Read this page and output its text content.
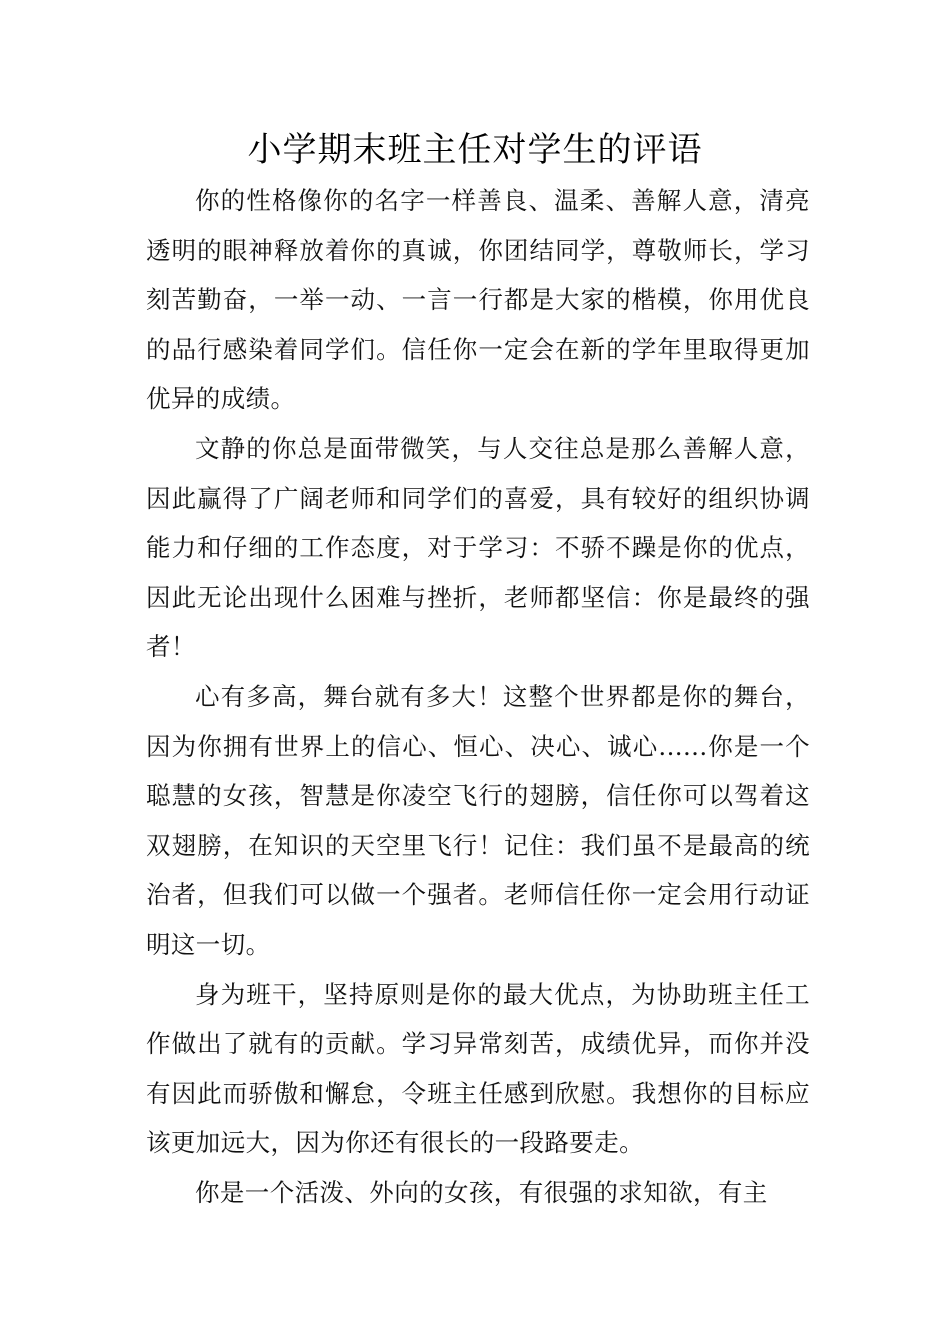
小学期末班主任对学生的评语

你的性格像你的名字一样善良、温柔、善解人意，清亮透明的眼神释放着你的真诚，你团结同学，尊敬师长，学习刻苦勤奋，一举一动、一言一行都是大家的楷模，你用优良的品行感染着同学们。信任你一定会在新的学年里取得更加优异的成绩。

文静的你总是面带微笑，与人交往总是那么善解人意，因此赢得了广阔老师和同学们的喜爱，具有较好的组织协调能力和仔细的工作态度，对于学习：不骄不躁是你的优点，因此无论出现什么困难与挫折，老师都坚信：你是最终的强者！

心有多高，舞台就有多大！这整个世界都是你的舞台，因为你拥有世界上的信心、恒心、决心、诚心......你是一个聪慧的女孩，智慧是你凌空飞行的翅膀，信任你可以驾着这双翅膀，在知识的天空里飞行！记住：我们虽不是最高的统治者，但我们可以做一个强者。老师信任你一定会用行动证明这一切。

身为班干，坚持原则是你的最大优点，为协助班主任工作做出了就有的贡献。学习异常刻苦，成绩优异，而你并没有因此而骄傲和懈怠，令班主任感到欣慰。我想你的目标应该更加远大，因为你还有很长的一段路要走。

你是一个活泼、外向的女孩，有很强的求知欲，有主
